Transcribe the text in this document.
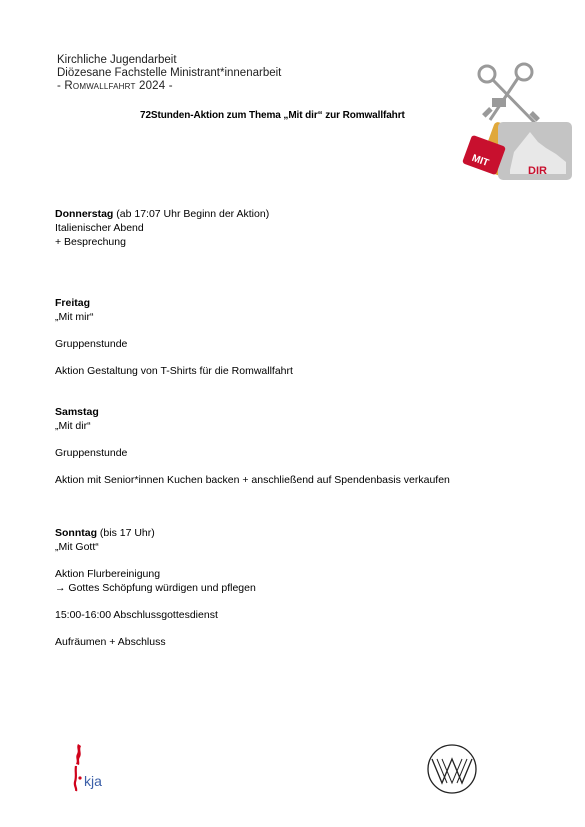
Kirchliche Jugendarbeit
Diözesane Fachstelle Ministrant*innenarbeit
- Romwallfahrt 2024 -
DIR
MIT
72Stunden-Aktion zum Thema „Mit dir“ zur Romwallfahrt

Donnerstag (ab 17:07 Uhr Beginn der Aktion)

Italienischer Abend

+ Besprechung

Freitag

„Mit mir“

Gruppenstunde

Aktion Gestaltung von T-Shirts für die Romwallfahrt

Samstag

„Mit dir“

Gruppenstunde

Aktion mit Senior*innen Kuchen backen + anschließend auf Spendenbasis verkaufen

Sonntag (bis 17 Uhr)

„Mit Gott“

Aktion Flurbereinigung

→ Gottes Schöpfung würdigen und pflegen

15:00-16:00 Abschlussgottesdienst

Aufräumen + Abschluss

kja
